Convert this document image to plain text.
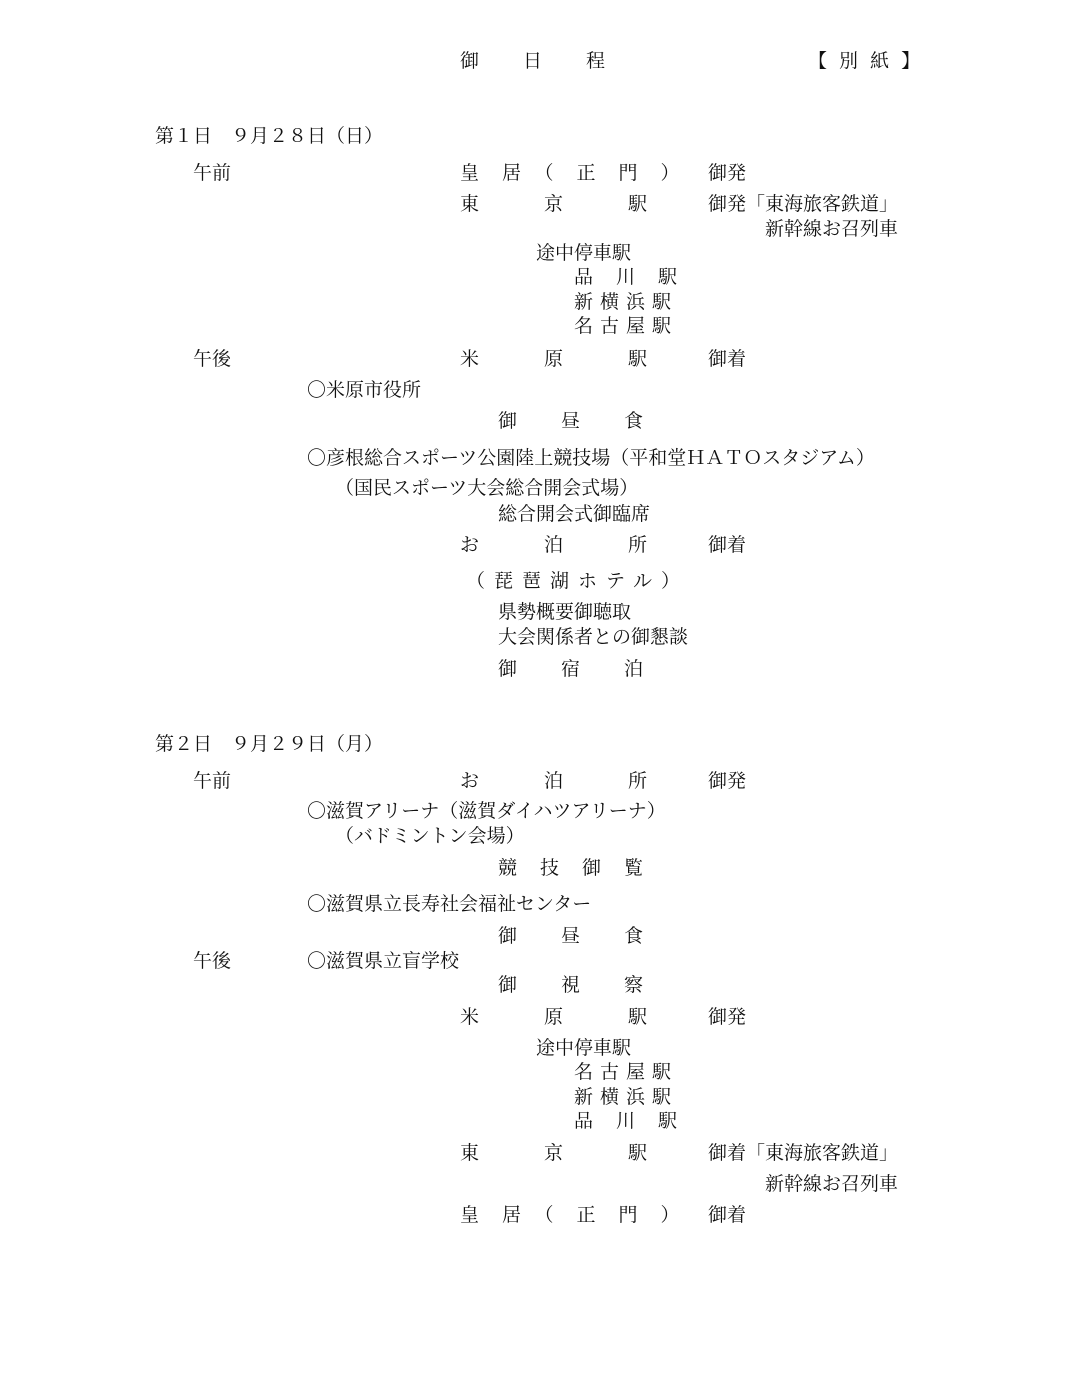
御　　日　　程	【 別 紙 】
第１日　９月２８日（日）
午前	皇　居　（　正　門　） 御発
東　　　京　　　駅	御発「東海旅客鉄道」
新幹線お召列車
途中停車駅
品　川　駅
新横浜駅
名古屋駅
午後	米　　　原　　　駅	御着
〇米原市役所
御　　昼　　食
〇彦根総合スポーツ公園陸上競技場（平和堂ＨＡＴＯスタジアム）
（国民スポーツ大会総合開会式場）
総合開会式御臨席
お　　　泊　　　所	御着
（琵琶湖ホテル）
県勢概要御聴取
大会関係者との御懇談
御　　宿　　泊
第２日　９月２９日（月）
午前	お　　　泊　　　所	御発
〇滋賀アリーナ（滋賀ダイハツアリーナ）
（バドミントン会場）
競　技　御　覧
〇滋賀県立長寿社会福祉センター
御　　昼　　食
午後	〇滋賀県立盲学校
御　　視　　察
米　　　原　　　駅	御発
途中停車駅
名古屋駅
新横浜駅
品　川　駅
東　　　京　　　駅	御着「東海旅客鉄道」
新幹線お召列車
皇　居　（　正　門　） 御着
